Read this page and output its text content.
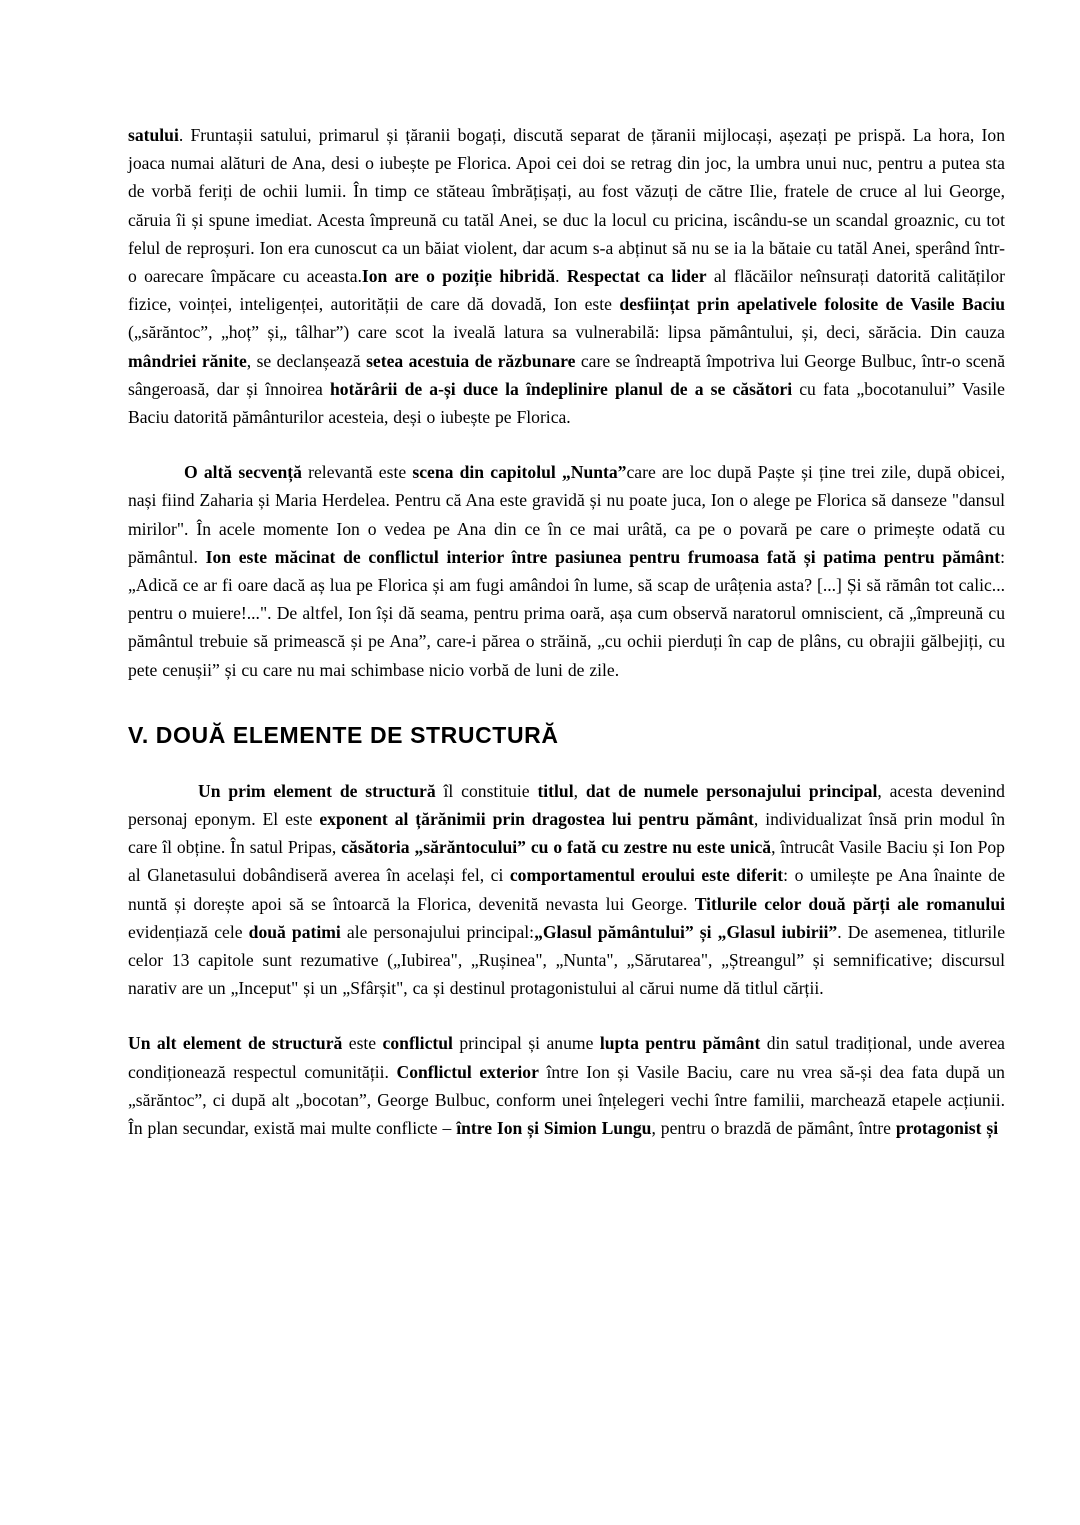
satului. Fruntașii satului, primarul și țăranii bogați, discută separat de țăranii mijlocași, așezați pe prispă. La hora, Ion joaca numai alături de Ana, desi o iubește pe Florica. Apoi cei doi se retrag din joc, la umbra unui nuc, pentru a putea sta de vorbă feriți de ochii lumii. În timp ce stăteau îmbrățișați, au fost văzuți de către Ilie, fratele de cruce al lui George, căruia îi și spune imediat. Acesta împreună cu tatăl Anei, se duc la locul cu pricina, iscându-se un scandal groaznic, cu tot felul de reproșuri. Ion era cunoscut ca un băiat violent, dar acum s-a abținut să nu se ia la bătaie cu tatăl Anei, sperând într-o oarecare împăcare cu aceasta.Ion are o poziție hibridă. Respectat ca lider al flăcăilor neînsurați datorită calităților fizice, voinței, inteligenței, autorității de care dă dovadă, Ion este desființat prin apelativele folosite de Vasile Baciu („sărăntoc”, „hoț” și„ tâlhar”) care scot la iveală latura sa vulnerabilă: lipsa pământului, și, deci, sărăcia. Din cauza mândriei rănite, se declanșează setea acestuia de răzbunare care se îndreaptă împotriva lui George Bulbuc, într-o scenă sângeroasă, dar și înnoirea hotărârii de a-și duce la îndeplinire planul de a se căsători cu fata „bocotanului” Vasile Baciu datorită pământurilor acesteia, deși o iubește pe Florica.

O altă secvență relevantă este scena din capitolul „Nunta”care are loc după Paște și ține trei zile, după obicei, nași fiind Zaharia și Maria Herdelea. Pentru că Ana este gravidă și nu poate juca, Ion o alege pe Florica să danseze "dansul mirilor". În acele momente Ion o vedea pe Ana din ce în ce mai urâtă, ca pe o povară pe care o primește odată cu pământul. Ion este măcinat de conflictul interior între pasiunea pentru frumoasa fată și patima pentru pământ: „Adică ce ar fi oare dacă aș lua pe Florica și am fugi amândoi în lume, să scap de urâțenia asta? [...] Și să rămân tot calic... pentru o muiere!...". De altfel, Ion își dă seama, pentru prima oară, așa cum observă naratorul omniscient, că „împreună cu pământul trebuie să primească și pe Ana”, care-i părea o străină, „cu ochii pierduți în cap de plâns, cu obrajii gălbejiți, cu pete cenușii” și cu care nu mai schimbase nicio vorbă de luni de zile.

V. DOUĂ ELEMENTE DE STRUCTURĂ

Un prim element de structură îl constituie titlul, dat de numele personajului principal, acesta devenind personaj eponym. El este exponent al țărănimii prin dragostea lui pentru pământ, individualizat însă prin modul în care îl obține. În satul Pripas, căsătoria „sărăntocului” cu o fată cu zestre nu este unică, întrucât Vasile Baciu și Ion Pop al Glanetasului dobândiseră averea în același fel, ci comportamentul eroului este diferit: o umilește pe Ana înainte de nuntă și dorește apoi să se întoarcă la Florica, devenită nevasta lui George. Titlurile celor două părți ale romanului evidențiază cele două patimi ale personajului principal:„Glasul pământului” și „Glasul iubirii”. De asemenea, titlurile celor 13 capitole sunt rezumative („Iubirea", „Rușinea", „Nunta", „Sărutarea", „Ștreangul” și semnificative; discursul narativ are un „Inceput" și un „Sfârșit", ca și destinul protagonistului al cărui nume dă titlul cărții.

Un alt element de structură este conflictul principal și anume lupta pentru pământ din satul tradițional, unde averea condiționează respectul comunității. Conflictul exterior între Ion și Vasile Baciu, care nu vrea să-și dea fata după un „sărăntoc”, ci după alt „bocotan”, George Bulbuc, conform unei înțelegeri vechi între familii, marchează etapele acțiunii. În plan secundar, există mai multe conflicte – între Ion și Simion Lungu, pentru o brazdă de pământ, între protagonist și
